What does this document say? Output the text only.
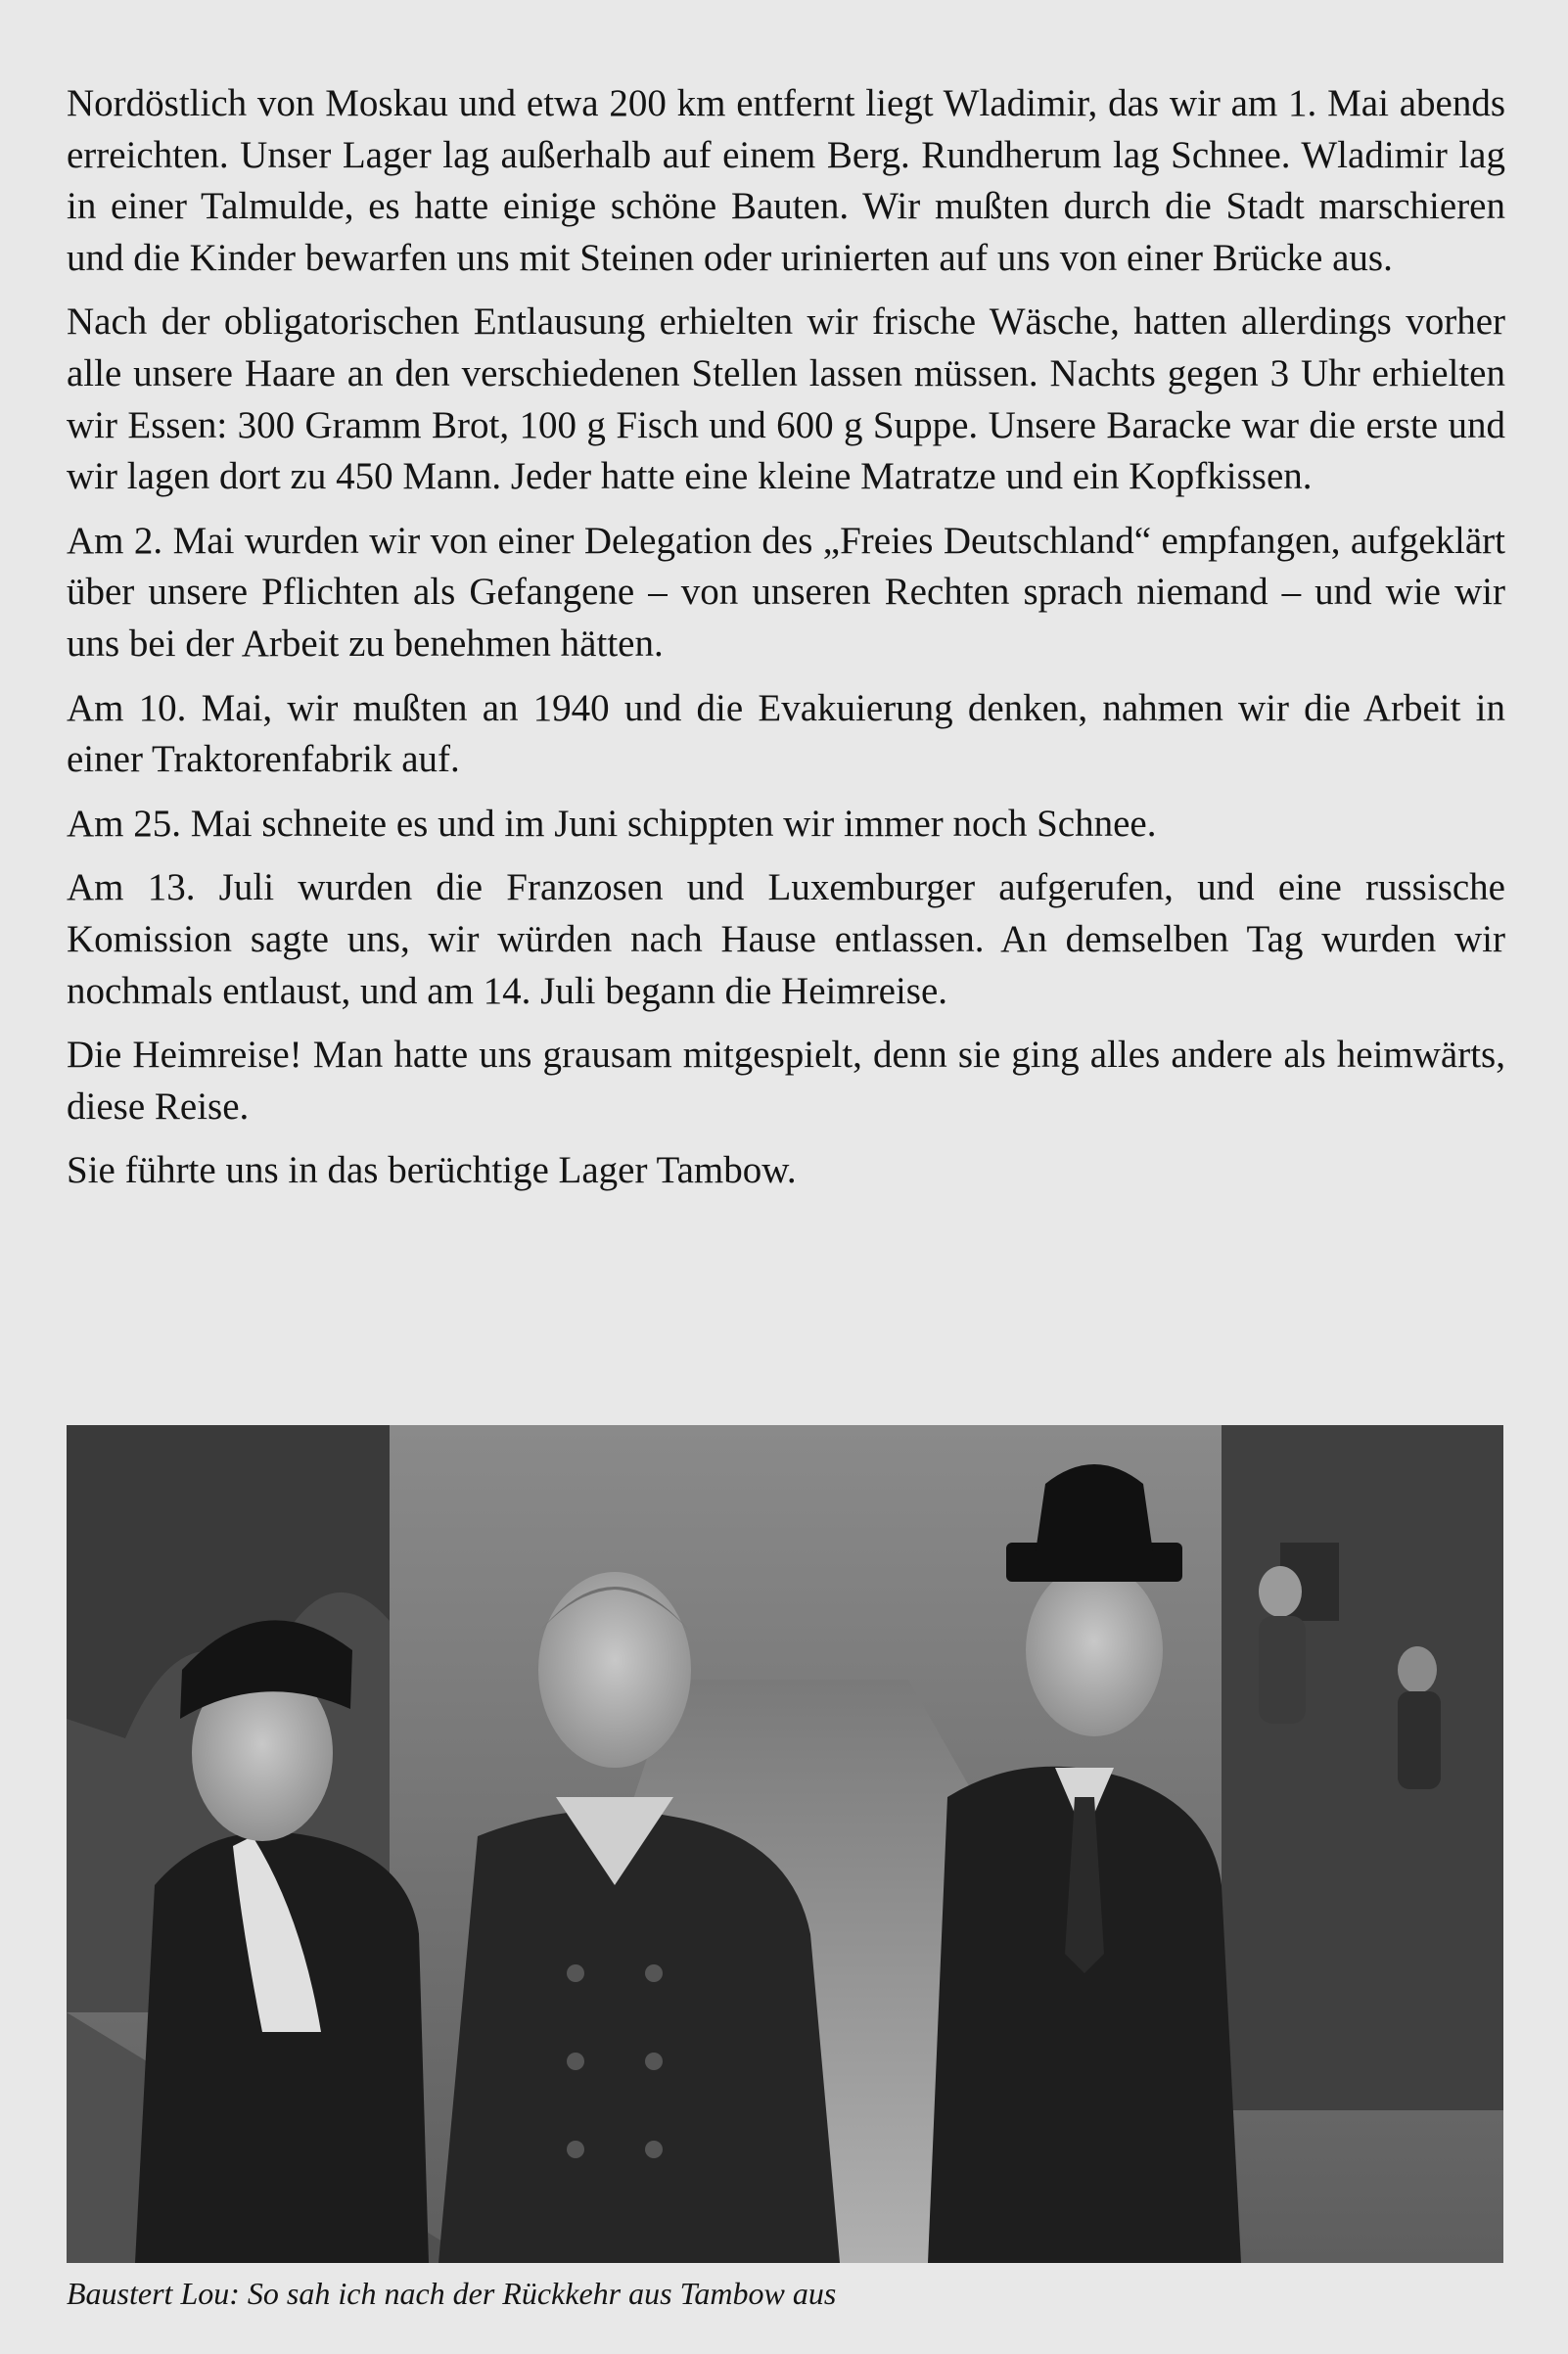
Nordöstlich von Moskau und etwa 200 km entfernt liegt Wladimir, das wir am 1. Mai abends erreichten. Unser Lager lag außerhalb auf einem Berg. Rundherum lag Schnee. Wladimir lag in einer Talmulde, es hatte einige schöne Bauten. Wir mußten durch die Stadt marschieren und die Kinder bewarfen uns mit Steinen oder urinierten auf uns von einer Brücke aus.

Nach der obligatorischen Entlausung erhielten wir frische Wäsche, hatten allerdings vorher alle unsere Haare an den verschiedenen Stellen lassen müssen. Nachts gegen 3 Uhr erhielten wir Essen: 300 Gramm Brot, 100 g Fisch und 600 g Suppe. Unsere Baracke war die erste und wir lagen dort zu 450 Mann. Jeder hatte eine kleine Matratze und ein Kopfkissen.

Am 2. Mai wurden wir von einer Delegation des „Freies Deutschland“ empfangen, aufgeklärt über unsere Pflichten als Gefangene – von unseren Rechten sprach niemand – und wie wir uns bei der Arbeit zu benehmen hätten.

Am 10. Mai, wir mußten an 1940 und die Evakuierung denken, nahmen wir die Arbeit in einer Traktorenfabrik auf.

Am 25. Mai schneite es und im Juni schippten wir immer noch Schnee.

Am 13. Juli wurden die Franzosen und Luxemburger aufgerufen, und eine russische Komission sagte uns, wir würden nach Hause entlassen. An demselben Tag wurden wir nochmals entlaust, und am 14. Juli begann die Heimreise.

Die Heimreise! Man hatte uns grausam mitgespielt, denn sie ging alles andere als heimwärts, diese Reise.

Sie führte uns in das berüchtige Lager Tambow.

Baustert Lou: So sah ich nach der Rückkehr aus Tambow aus
